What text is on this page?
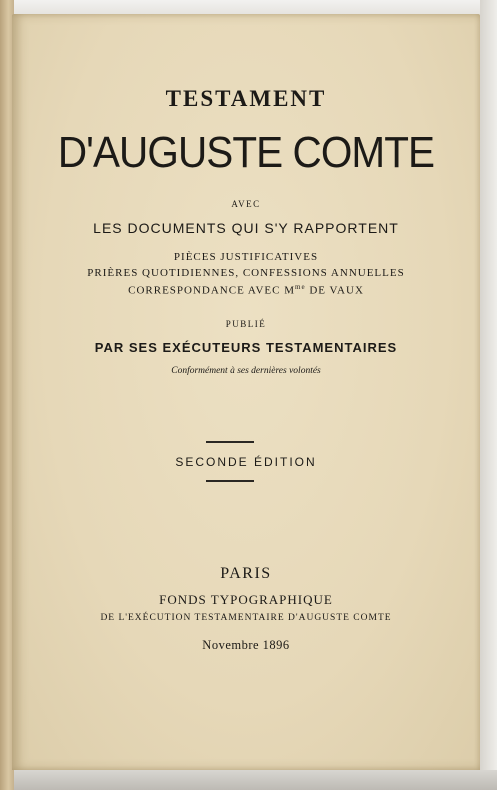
TESTAMENT
D'AUGUSTE COMTE
AVEC
LES DOCUMENTS QUI S'Y RAPPORTENT
PIÈCES JUSTIFICATIVES
PRIÈRES QUOTIDIENNES, CONFESSIONS ANNUELLES
CORRESPONDANCE AVEC $M^{me}$ DE VAUX
PUBLIÉ
PAR SES EXÉCUTEURS TESTAMENTAIRES
Conformément à ses dernières volontés
SECONDE ÉDITION
PARIS
FONDS TYPOGRAPHIQUE
DE L'EXÉCUTION TESTAMENTAIRE D'AUGUSTE COMTE
Novembre 1896
